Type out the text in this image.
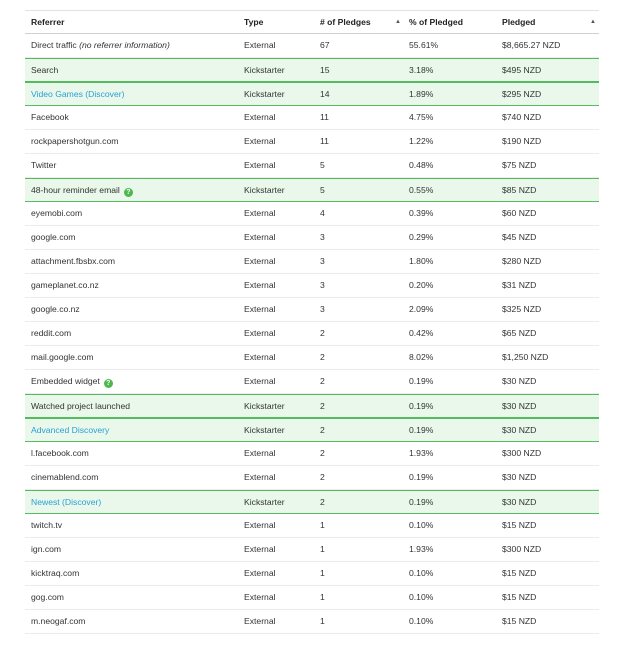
Referrer	Type	# of Pledges	▲ % of Pledged	Pledged	▲
Direct traffic (no referrer information)	External	67	55.61%	$8,665.27 NZD
Search	Kickstarter	15	3.18%	$495 NZD
Video Games (Discover)	Kickstarter	14	1.89%	$295 NZD
Facebook	External	11	4.75%	$740 NZD
rockpapershotgun.com	External	11	1.22%	$190 NZD
Twitter	External	5	0.48%	$75 NZD
48-hour reminder email ?	Kickstarter	5	0.55%	$85 NZD
eyemobi.com	External	4	0.39%	$60 NZD
google.com	External	3	0.29%	$45 NZD
attachment.fbsbx.com	External	3	1.80%	$280 NZD
gameplanet.co.nz	External	3	0.20%	$31 NZD
google.co.nz	External	3	2.09%	$325 NZD
reddit.com	External	2	0.42%	$65 NZD
mail.google.com	External	2	8.02%	$1,250 NZD
Embedded widget ?	External	2	0.19%	$30 NZD
Watched project launched	Kickstarter	2	0.19%	$30 NZD
Advanced Discovery	Kickstarter	2	0.19%	$30 NZD
l.facebook.com	External	2	1.93%	$300 NZD
cinemablend.com	External	2	0.19%	$30 NZD
Newest (Discover)	Kickstarter	2	0.19%	$30 NZD
twitch.tv	External	1	0.10%	$15 NZD
ign.com	External	1	1.93%	$300 NZD
kicktraq.com	External	1	0.10%	$15 NZD
gog.com	External	1	0.10%	$15 NZD
m.neogaf.com	External	1	0.10%	$15 NZD
